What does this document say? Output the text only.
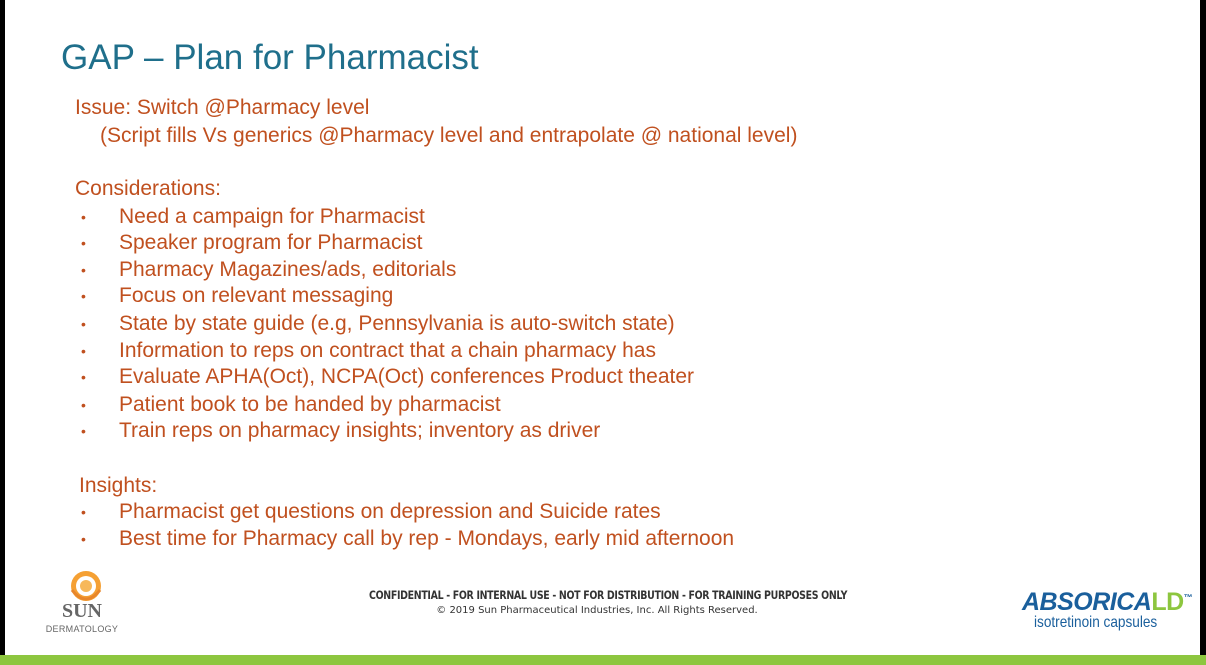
GAP – Plan for Pharmacist
Issue: Switch @Pharmacy level
(Script fills Vs generics @Pharmacy level and entrapolate @ national level)
Considerations:
• Need a campaign for Pharmacist
• Speaker program for Pharmacist
• Pharmacy Magazines/ads, editorials
• Focus on relevant messaging
• State by state guide (e.g, Pennsylvania is auto-switch state)
• Information to reps on contract that a chain pharmacy has
• Evaluate APHA(Oct), NCPA(Oct) conferences Product theater
• Patient book to be handed by pharmacist
• Train reps on pharmacy insights; inventory as driver
Insights:
• Pharmacist get questions on depression and Suicide rates
• Best time for Pharmacy call by rep - Mondays, early mid afternoon
SUN
DERMATOLOGY
CONFIDENTIAL - FOR INTERNAL USE - NOT FOR DISTRIBUTION - FOR TRAINING PURPOSES ONLY
© 2019 Sun Pharmaceutical Industries, Inc. All Rights Reserved.	ABSORICALD™
isotretinoin capsules
